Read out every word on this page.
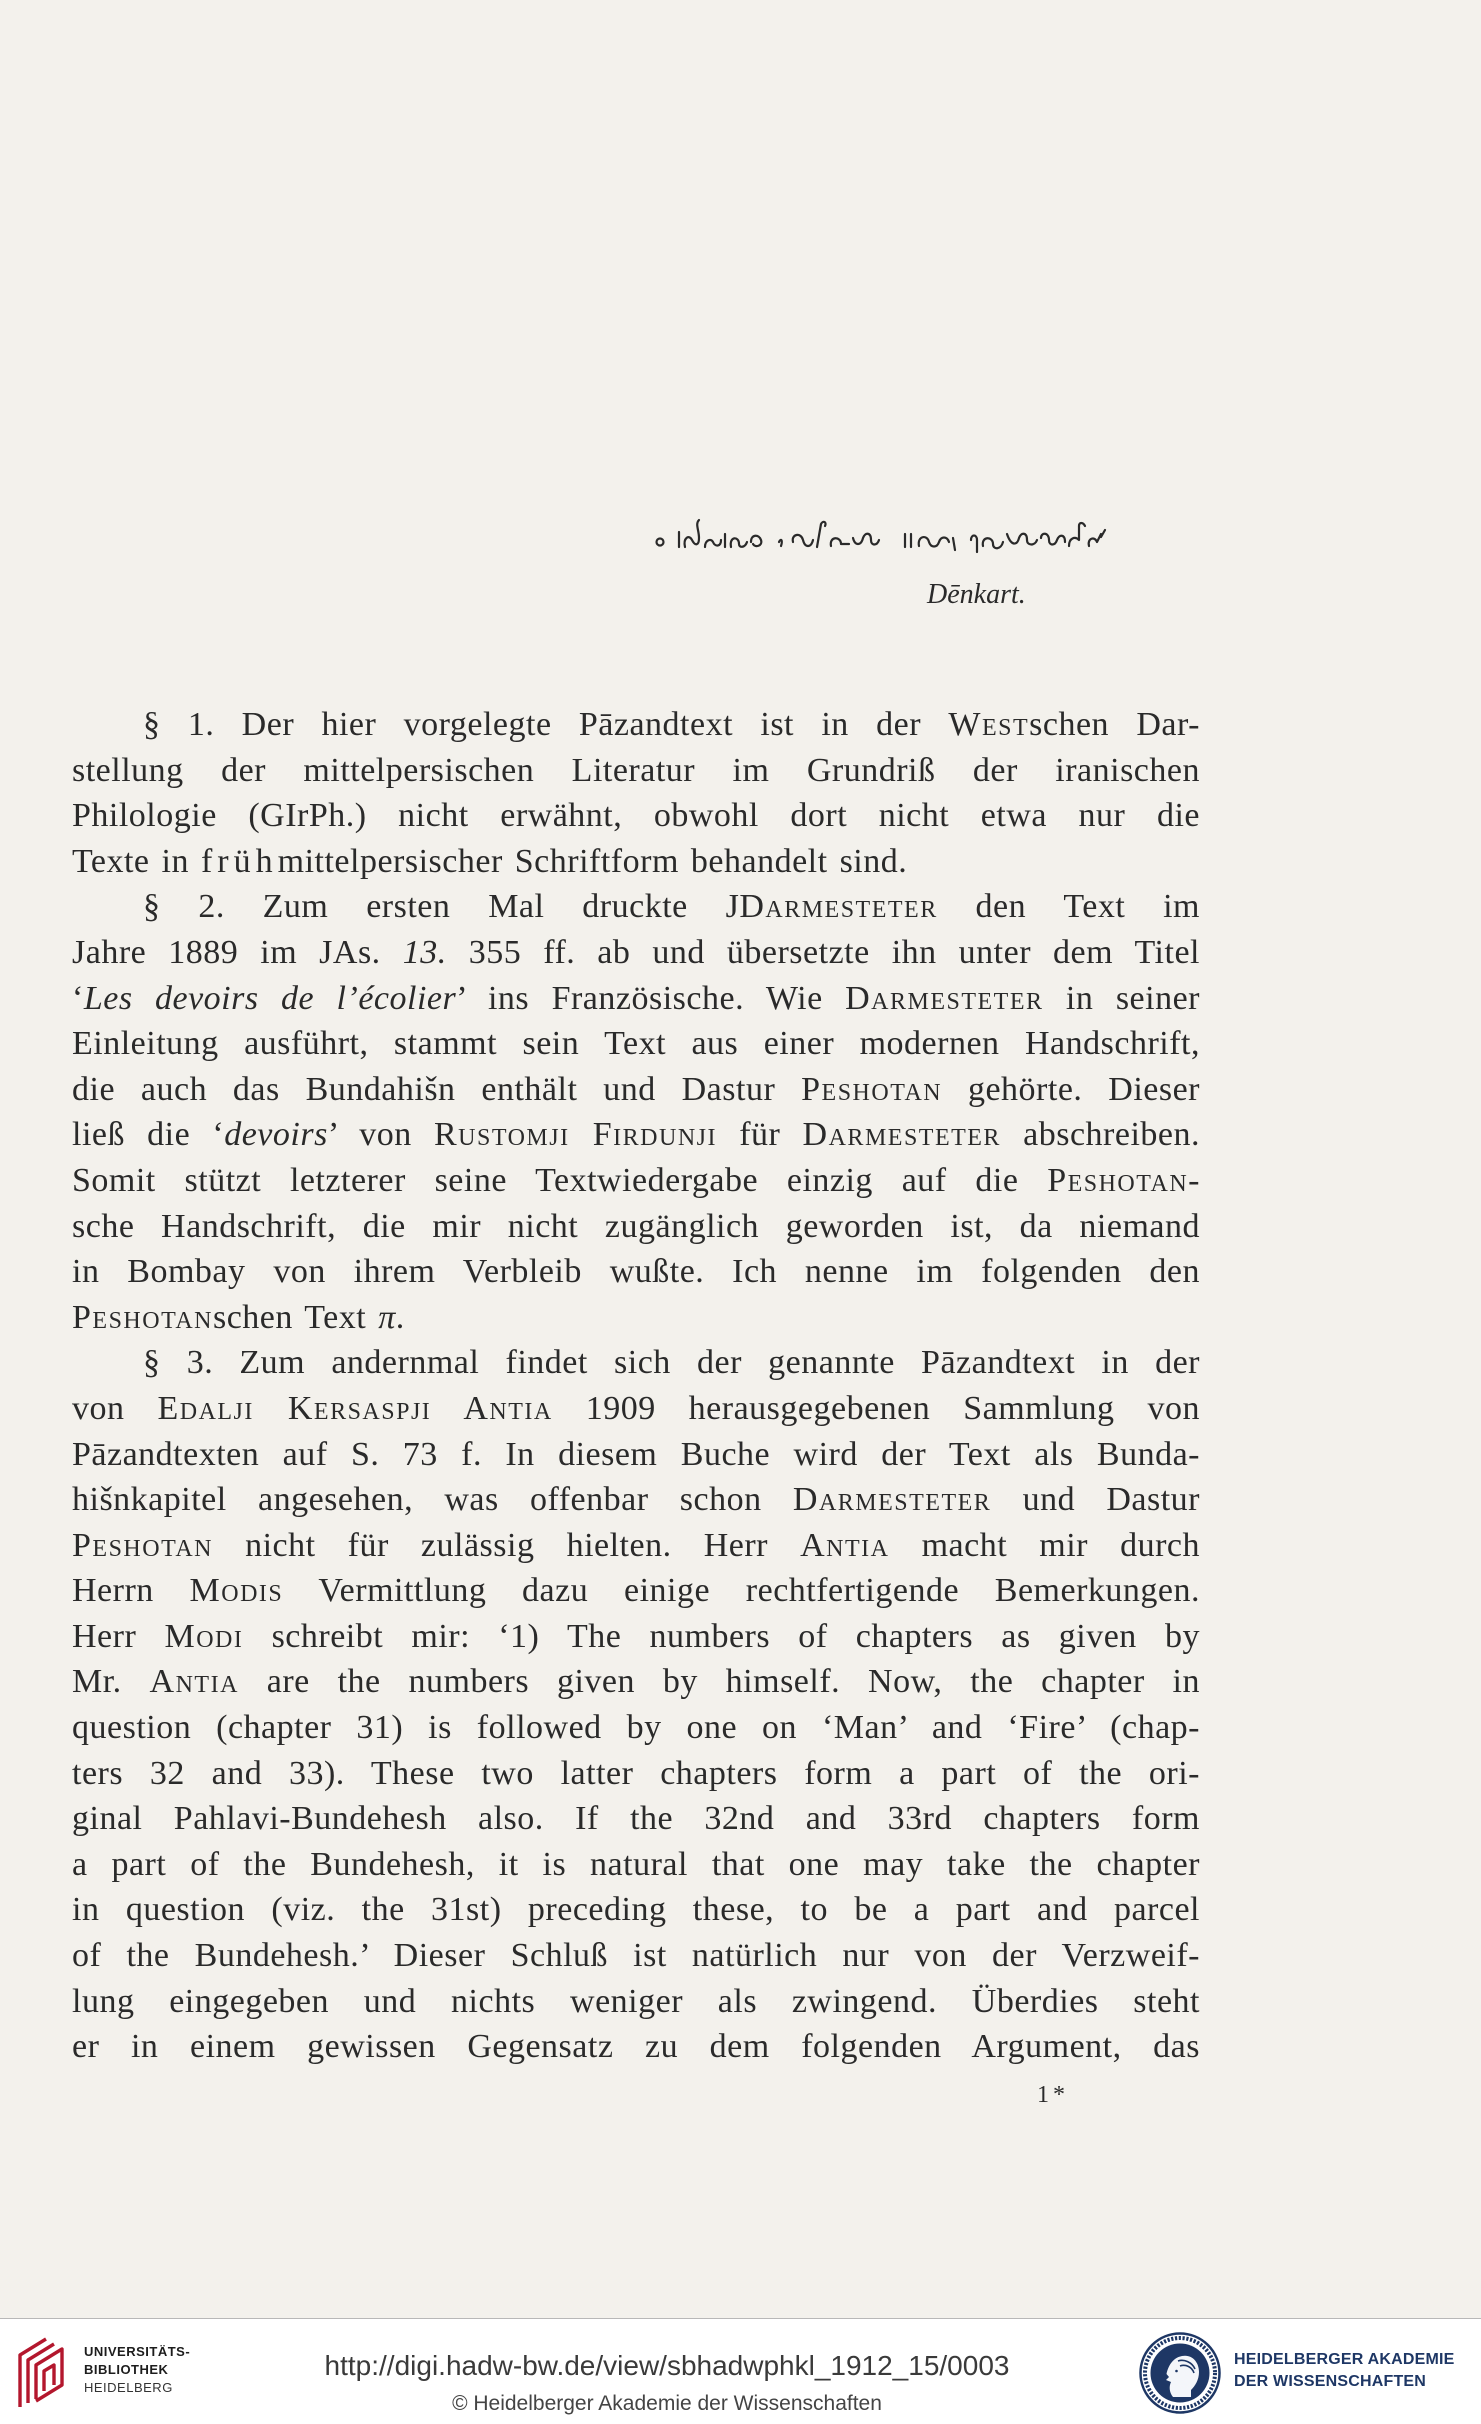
Dēnkart.
§ 1. Der hier vorgelegte Pāzandtext ist in der Westschen Dar-
stellung der mittelpersischen Literatur im Grundriß der iranischen
Philologie (GIrPh.) nicht erwähnt, obwohl dort nicht etwa nur die
Texte in frühmittelpersischer Schriftform behandelt sind.
§ 2. Zum ersten Mal druckte JDarmesteter den Text im
Jahre 1889 im JAs. 13. 355 ff. ab und übersetzte ihn unter dem Titel
‘Les devoirs de l’écolier’ ins Französische. Wie Darmesteter in seiner
Einleitung ausführt, stammt sein Text aus einer modernen Handschrift,
die auch das Bundahišn enthält und Dastur Peshotan gehörte. Dieser
ließ die ‘devoirs’ von Rustomji Firdunji für Darmesteter abschreiben.
Somit stützt letzterer seine Textwiedergabe einzig auf die Peshotan-
sche Handschrift, die mir nicht zugänglich geworden ist, da niemand
in Bombay von ihrem Verbleib wußte. Ich nenne im folgenden den
Peshotanschen Text π.
§ 3. Zum andernmal findet sich der genannte Pāzandtext in der
von Edalji Kersaspji Antia 1909 herausgegebenen Sammlung von
Pāzandtexten auf S. 73 f. In diesem Buche wird der Text als Bunda-
hišnkapitel angesehen, was offenbar schon Darmesteter und Dastur
Peshotan nicht für zulässig hielten. Herr Antia macht mir durch
Herrn Modis Vermittlung dazu einige rechtfertigende Bemerkungen.
Herr Modi schreibt mir: ‘1) The numbers of chapters as given by
Mr. Antia are the numbers given by himself. Now, the chapter in
question (chapter 31) is followed by one on ‘Man’ and ‘Fire’ (chap-
ters 32 and 33). These two latter chapters form a part of the ori-
ginal Pahlavi-Bundehesh also. If the 32nd and 33rd chapters form
a part of the Bundehesh, it is natural that one may take the chapter
in question (viz. the 31st) preceding these, to be a part and parcel
of the Bundehesh.’ Dieser Schluß ist natürlich nur von der Verzweif-
lung eingegeben und nichts weniger als zwingend. Überdies steht
er in einem gewissen Gegensatz zu dem folgenden Argument, das
1*
UNIVERSITÄTS-
BIBLIOTHEK
HEIDELBERG
http://digi.hadw-bw.de/view/sbhadwphkl_1912_15/0003
© Heidelberger Akademie der Wissenschaften
HEIDELBERGER AKADEMIE
DER WISSENSCHAFTEN
